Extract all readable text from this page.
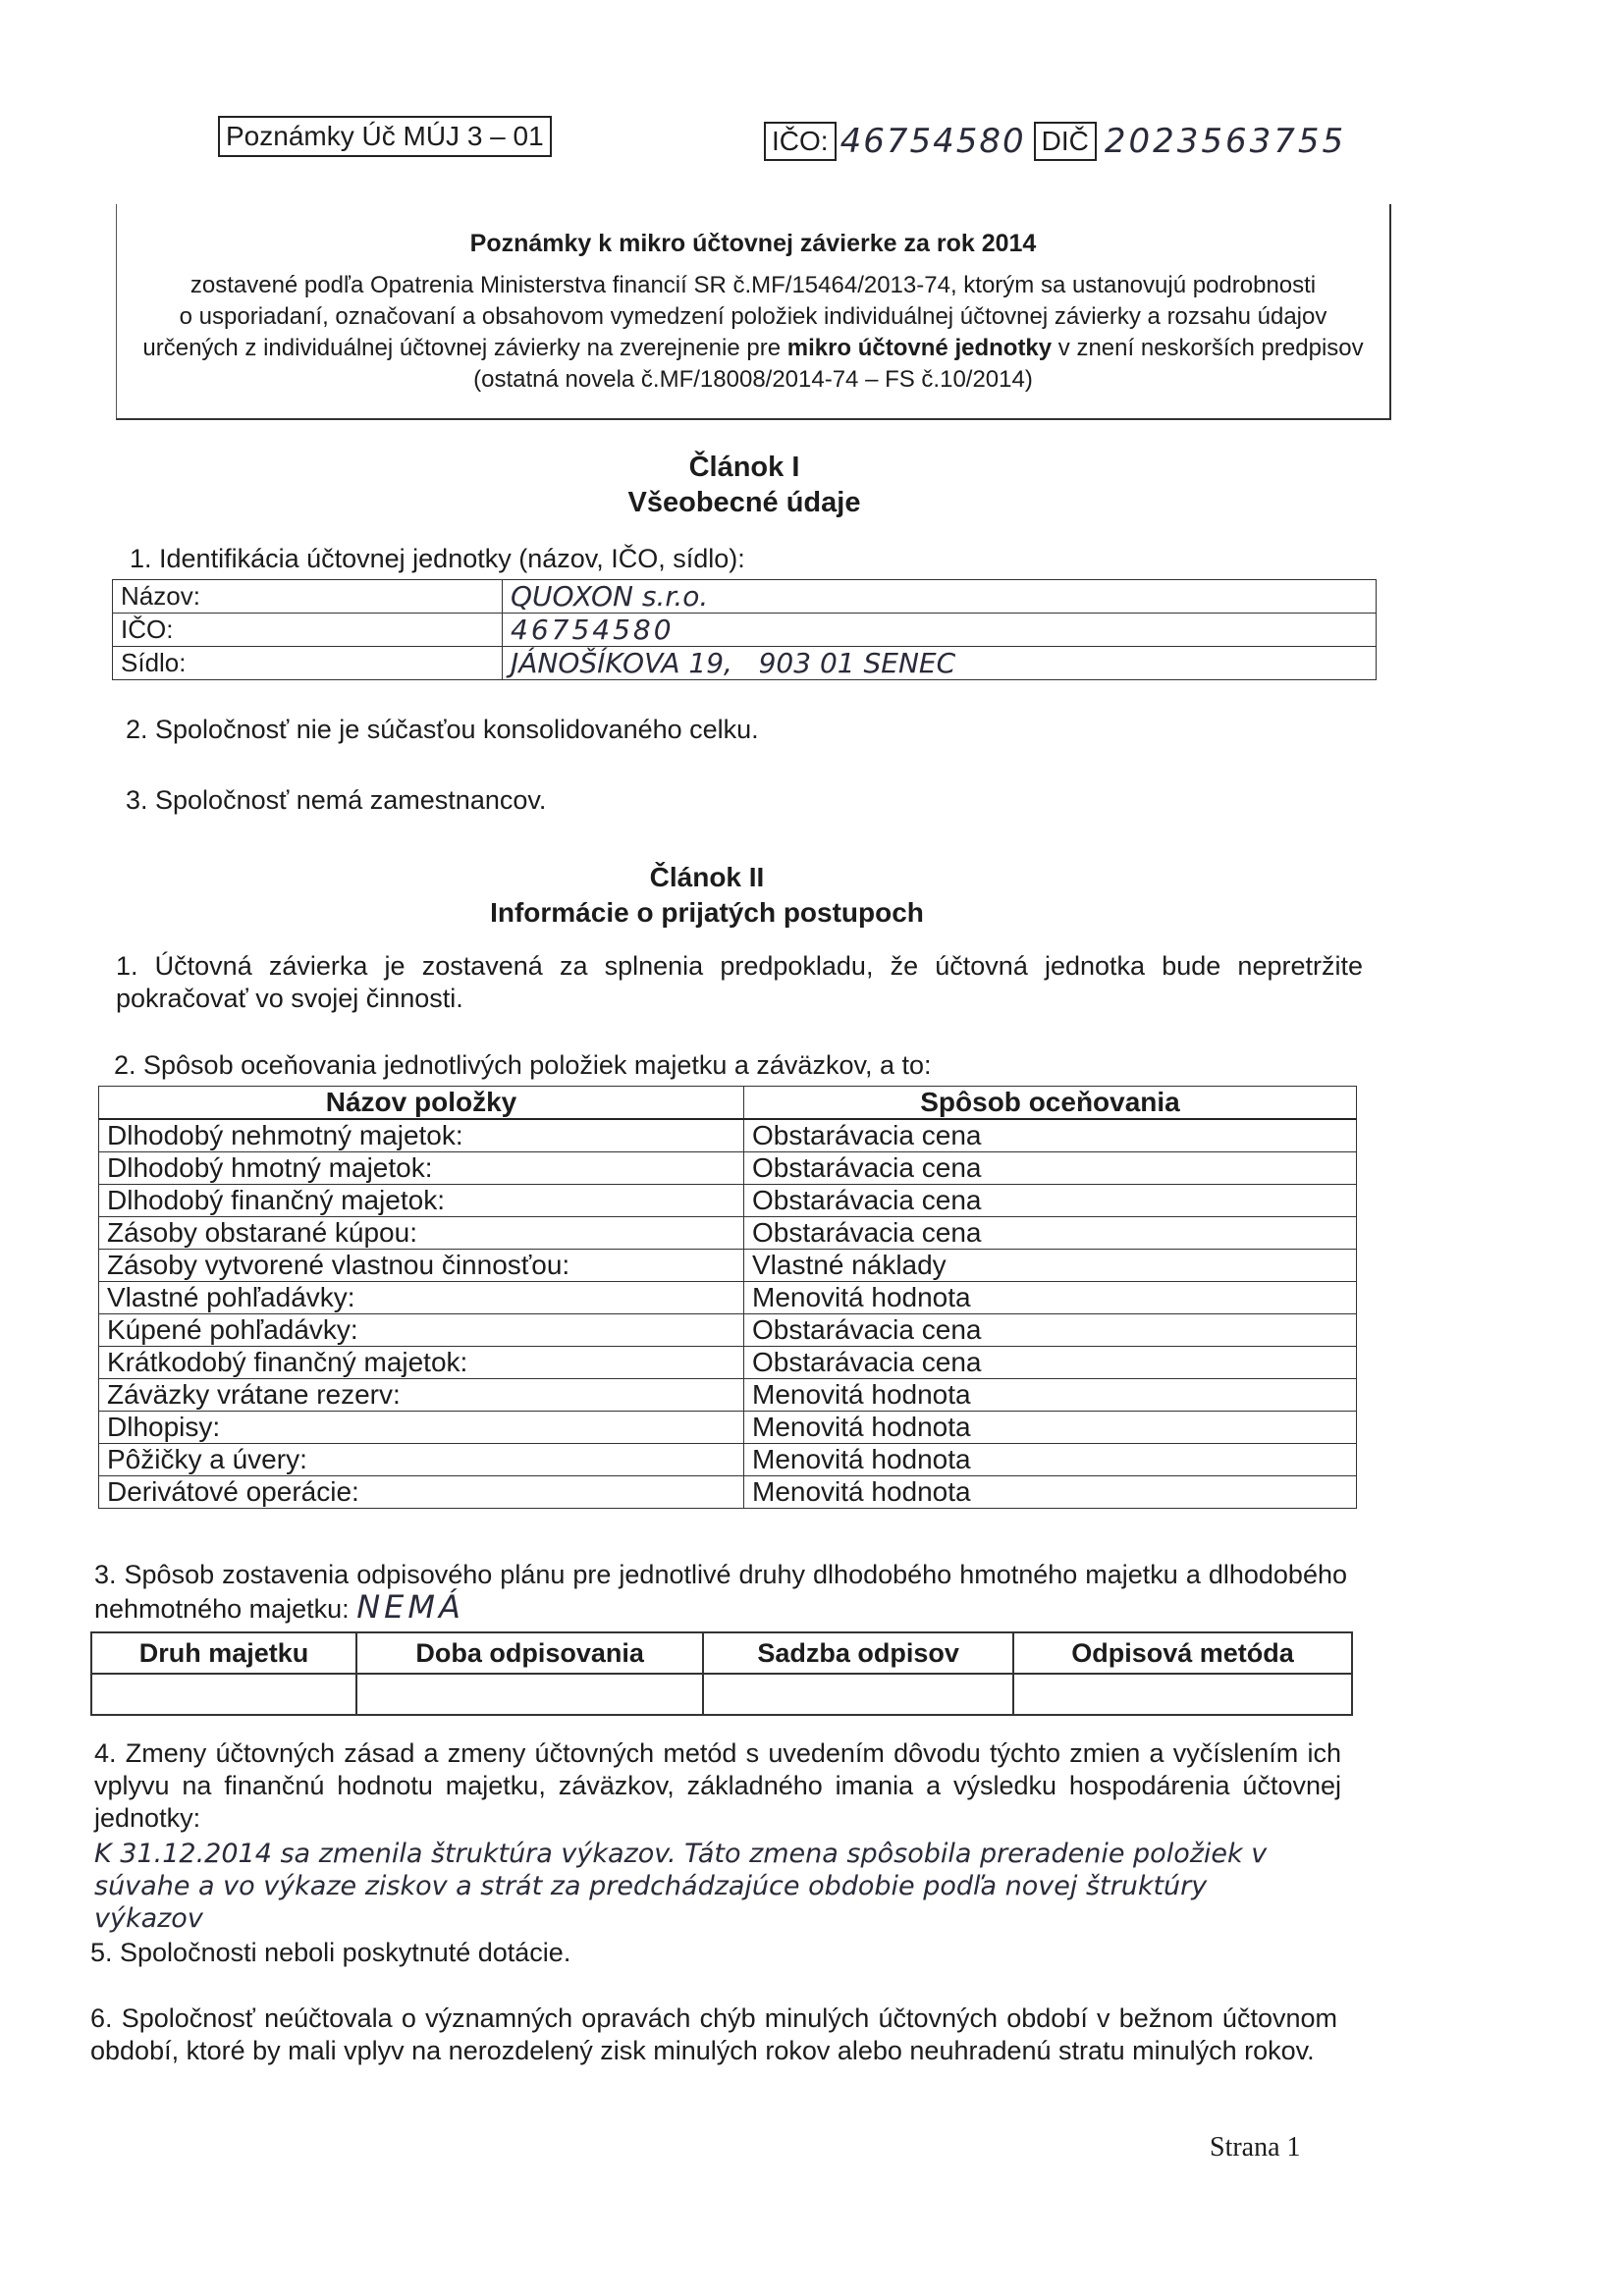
Poznámky Úč MÚJ 3 – 01	IČO: 46754580 DIČ 2023563755
Poznámky k mikro účtovnej závierke za rok 2014
zostavené podľa Opatrenia Ministerstva financií SR č.MF/15464/2013-74, ktorým sa ustanovujú podrobnosti
o usporiadaní, označovaní a obsahovom vymedzení položiek individuálnej účtovnej závierky a rozsahu údajov
určených z individuálnej účtovnej závierky na zverejnenie pre mikro účtovné jednotky v znení neskorších predpisov
(ostatná novela č.MF/18008/2014-74 – FS č.10/2014)
Článok I
Všeobecné údaje
1. Identifikácia účtovnej jednotky (názov, IČO, sídlo):
Názov:	QUOXON s.r.o.
IČO:	46754580
Sídlo:	JÁNOŠÍKOVA 19,   903 01 SENEC
2. Spoločnosť nie je súčasťou konsolidovaného celku.
3. Spoločnosť nemá zamestnancov.
Článok II
Informácie o prijatých postupoch
1. Účtovná závierka je zostavená za splnenia predpokladu, že účtovná jednotka bude nepretržite pokračovať vo svojej činnosti.
2. Spôsob oceňovania jednotlivých položiek majetku a záväzkov, a to:
Názov položky	Spôsob oceňovania
Dlhodobý nehmotný majetok:	Obstarávacia cena
Dlhodobý hmotný majetok:	Obstarávacia cena
Dlhodobý finančný majetok:	Obstarávacia cena
Zásoby obstarané kúpou:	Obstarávacia cena
Zásoby vytvorené vlastnou činnosťou:	Vlastné náklady
Vlastné pohľadávky:	Menovitá hodnota
Kúpené pohľadávky:	Obstarávacia cena
Krátkodobý finančný majetok:	Obstarávacia cena
Záväzky vrátane rezerv:	Menovitá hodnota
Dlhopisy:	Menovitá hodnota
Pôžičky a úvery:	Menovitá hodnota
Derivátové operácie:	Menovitá hodnota
3. Spôsob zostavenia odpisového plánu pre jednotlivé druhy dlhodobého hmotného majetku a dlhodobého nehmotného majetku: NEMÁ
Druh majetku	Doba odpisovania	Sadzba odpisov	Odpisová metóda

4. Zmeny účtovných zásad a zmeny účtovných metód s uvedením dôvodu týchto zmien a vyčíslením ich vplyvu na finančnú hodnotu majetku, záväzkov, základného imania a výsledku hospodárenia účtovnej jednotky:
K 31.12.2014 sa zmenila štruktúra výkazov. Táto zmena spôsobila preradenie položiek v súvahe a vo výkaze ziskov a strát za predchádzajúce obdobie podľa novej štruktúry výkazov
5. Spoločnosti neboli poskytnuté dotácie.
6. Spoločnosť neúčtovala o významných opravách chýb minulých účtovných období v bežnom účtovnom období, ktoré by mali vplyv na nerozdelený zisk minulých rokov alebo neuhradenú stratu minulých rokov.
Strana 1
